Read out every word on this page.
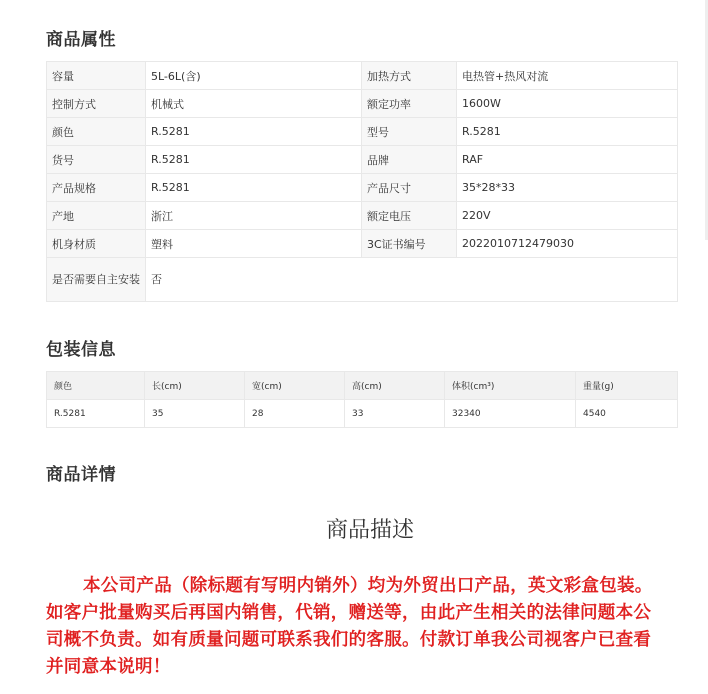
商品属性
容量	5L-6L(含)	加热方式	电热管+热风对流
控制方式	机械式	额定功率	1600W
颜色	R.5281	型号	R.5281
货号	R.5281	品牌	RAF
产品规格	R.5281	产品尺寸	35*28*33
产地	浙江	额定电压	220V
机身材质	塑料	3C证书编号	2022010712479030
是否需要自主安装	否		
包装信息
颜色	长(cm)	宽(cm)	高(cm)	体积(cm³)	重量(g)
R.5281	35	28	33	32340	4540
商品详情
商品描述
本公司产品（除标题有写明内销外）均为外贸出口产品，英文彩盒包装。如客户批量购买后再国内销售，代销，赠送等，由此产生相关的法律问题本公司概不负责。如有质量问题可联系我们的客服。付款订单我公司视客户已查看并同意本说明！
